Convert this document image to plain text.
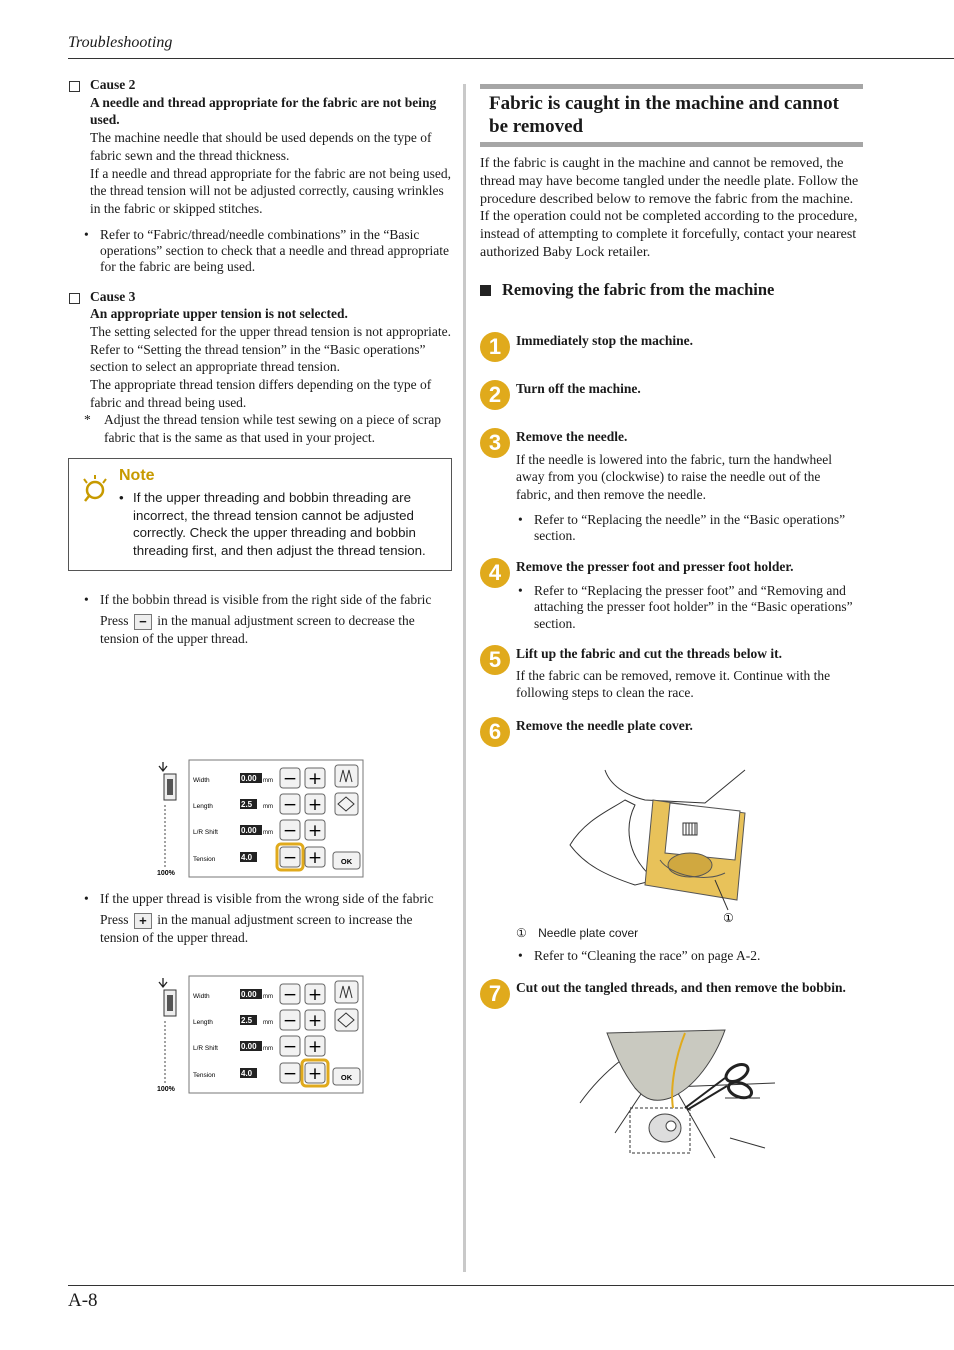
Troubleshooting
Cause 2
A needle and thread appropriate for the fabric are not being used.
The machine needle that should be used depends on the type of fabric sewn and the thread thickness.
If a needle and thread appropriate for the fabric are not being used, the thread tension will not be adjusted correctly, causing wrinkles in the fabric or skipped stitches.
• Refer to “Fabric/thread/needle combinations” in the “Basic operations” section to check that a needle and thread appropriate for the fabric are being used.
Cause 3
An appropriate upper tension is not selected.
The setting selected for the upper thread tension is not appropriate.
Refer to “Setting the thread tension” in the “Basic operations” section to select an appropriate thread tension.
The appropriate thread tension differs depending on the type of fabric and thread being used.
* Adjust the thread tension while test sewing on a piece of scrap fabric that is the same as that used in your project.
Note
• If the upper threading and bobbin threading are incorrect, the thread tension cannot be adjusted correctly. Check the upper threading and bobbin threading first, and then adjust the thread tension.
• If the bobbin thread is visible from the right side of the fabric
Press − in the manual adjustment screen to decrease the tension of the upper thread.
100%
Width	0.00 mm − +
Length	2.5 mm − +
L/R Shift	0.00 mm − +
Tension	4.0 − +	OK
• If the upper thread is visible from the wrong side of the fabric
Press + in the manual adjustment screen to increase the tension of the upper thread.
100%
Width	0.00 mm − +
Length	2.5 mm − +
L/R Shift	0.00 mm − +
Tension	4.0 − +	OK
Fabric is caught in the machine and cannot be removed
If the fabric is caught in the machine and cannot be removed, the thread may have become tangled under the needle plate. Follow the procedure described below to remove the fabric from the machine. If the operation could not be completed according to the procedure, instead of attempting to complete it forcefully, contact your nearest authorized Baby Lock retailer.
Removing the fabric from the machine
1	Immediately stop the machine.
2	Turn off the machine.
3	Remove the needle.
If the needle is lowered into the fabric, turn the handwheel away from you (clockwise) to raise the needle out of the fabric, and then remove the needle.
• Refer to “Replacing the needle” in the “Basic operations” section.
4	Remove the presser foot and presser foot holder.
• Refer to “Replacing the presser foot” and “Removing and attaching the presser foot holder” in the “Basic operations” section.
5	Lift up the fabric and cut the threads below it.
If the fabric can be removed, remove it. Continue with the following steps to clean the race.
6	Remove the needle plate cover.
7	Cut out the tangled threads, and then remove the bobbin.
①
① Needle plate cover
• Refer to “Cleaning the race” on page A-2.
A-8
